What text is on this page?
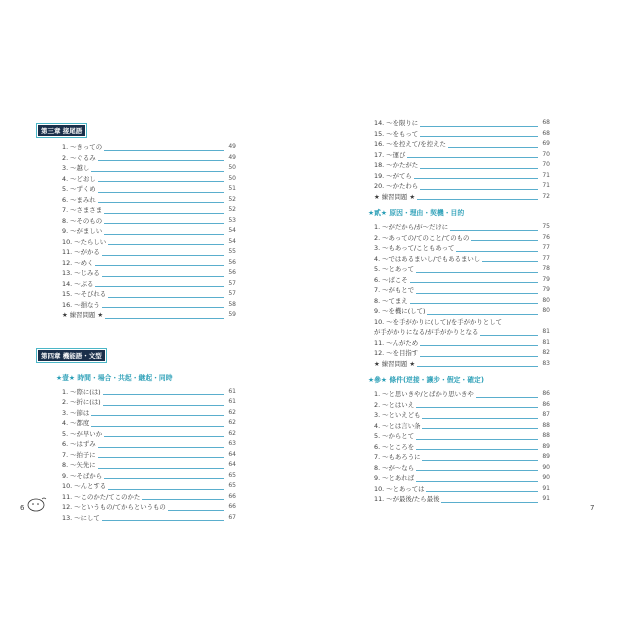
第三章 接尾語
1. 〜きっての	49
2. 〜ぐるみ	49
3. 〜越し	50
4. 〜どおし	50
5. 〜ずくめ	51
6. 〜まみれ	52
7. 〜さまさま	52
8. 〜そのもの	53
9. 〜がましい	54
10. 〜たらしい	54
11. 〜がかる	55
12. 〜めく	56
13. 〜じみる	56
14. 〜ぶる	57
15. 〜そびれる	57
16. 〜損なう	58
★ 練習問題 ★	59
第四章 機能語・文型
★壹★ 時間・場合・共起・継起・同時
1. 〜際に(は)	61
2. 〜折に(は)	61
3. 〜節は	62
4. 〜都度	62
5. 〜が早いか	62
6. 〜はずみ	63
7. 〜拍子に	64
8. 〜矢先に	64
9. 〜そばから	65
10. 〜んとする	65
11. 〜このかた/てこのかた	66
12. 〜というもの/てからというもの	66
13. 〜にして	67
14. 〜を限りに	68
15. 〜をもって	68
16. 〜を控えて/を控えた	69
17. 〜運び	70
18. 〜かたがた	70
19. 〜がてら	71
20. 〜かたわら	71
★ 練習問題 ★	72
★貳★ 原因・理由・契機・目的
1. 〜がだから/が〜だけに	75
2. 〜あっての/てのこと/てのもの	76
3. 〜もあって/こともあって	77
4. 〜ではあるまいし/でもあるまいし	77
5. 〜とあって	78
6. 〜ばこそ	79
7. 〜がもとで	79
8. 〜てまえ	80
9. 〜を機に(して)	80
10. 〜を手がかりに(して)/を手がかりとして
が手がかりになる/が手がかりとなる	81
11. 〜んがため	81
12. 〜を目指す	82
★ 練習問題 ★	83
★參★ 條件(逆接・讓步・假定・確定)
1. 〜と思いきや/とばかり思いきや	86
2. 〜とはいえ	86
3. 〜といえども	87
4. 〜とは言い条	88
5. 〜からとて	88
6. 〜ところを	89
7. 〜もあろうに	89
8. 〜が〜なら	90
9. 〜とあれば	90
10. 〜とあっては	91
11. 〜が最後/たら最後	91
6	7
